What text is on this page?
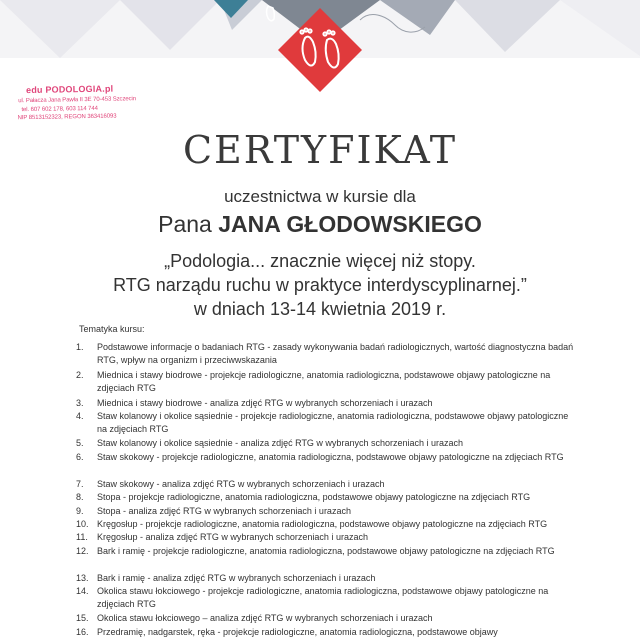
edu PODOLOGIA.pl
ul. Pałacza Jana Pawła II 3E 70-453 Szczecin
tel. 607 602 178, 603 114 744
NIP 8513152323, REGON 363416093
CERTYFIKAT
uczestnictwa w kursie dla
Pana JANA GŁODOWSKIEGO
„Podologia... znacznie więcej niż stopy.
RTG narządu ruchu w praktyce interdyscyplinarnej.”
w dniach 13-14 kwietnia 2019 r.
Tematyka kursu:
1.	Podstawowe informacje o badaniach RTG - zasady wykonywania badań radiologicznych, wartość diagnostyczna badań RTG, wpływ na organizm i przeciwwskazania
2.	Miednica i stawy biodrowe - projekcje radiologiczne, anatomia radiologiczna, podstawowe objawy patologiczne na zdjęciach RTG
3.	Miednica i stawy biodrowe - analiza zdjęć RTG w wybranych schorzeniach i urazach
4.	Staw kolanowy i okolice sąsiednie - projekcje radiologiczne, anatomia radiologiczna, podstawowe objawy patologiczne na zdjęciach RTG
5.	Staw kolanowy i okolice sąsiednie - analiza zdjęć RTG w wybranych schorzeniach i urazach
6.	Staw skokowy - projekcje radiologiczne, anatomia radiologiczna, podstawowe objawy patologiczne na zdjęciach RTG
7.	Staw skokowy - analiza zdjęć RTG w wybranych schorzeniach i urazach
8.	Stopa - projekcje radiologiczne, anatomia radiologiczna, podstawowe objawy patologiczne na zdjęciach RTG
9.	Stopa - analiza zdjęć RTG w wybranych schorzeniach i urazach
10. Kręgosłup - projekcje radiologiczne, anatomia radiologiczna, podstawowe objawy patologiczne na zdjęciach RTG
11.	Kręgosłup - analiza zdjęć RTG w wybranych schorzeniach i urazach
12. Bark i ramię - projekcje radiologiczne, anatomia radiologiczna, podstawowe objawy patologiczne na zdjęciach RTG
13. Bark i ramię - analiza zdjęć RTG w wybranych schorzeniach i urazach
14. Okolica stawu łokciowego - projekcje radiologiczne, anatomia radiologiczna, podstawowe objawy patologiczne na zdjęciach RTG
15. Okolica stawu łokciowego – analiza zdjęć RTG w wybranych schorzeniach i urazach
16. Przedramię, nadgarstek, ręka - projekcje radiologiczne, anatomia radiologiczna, podstawowe objawy
